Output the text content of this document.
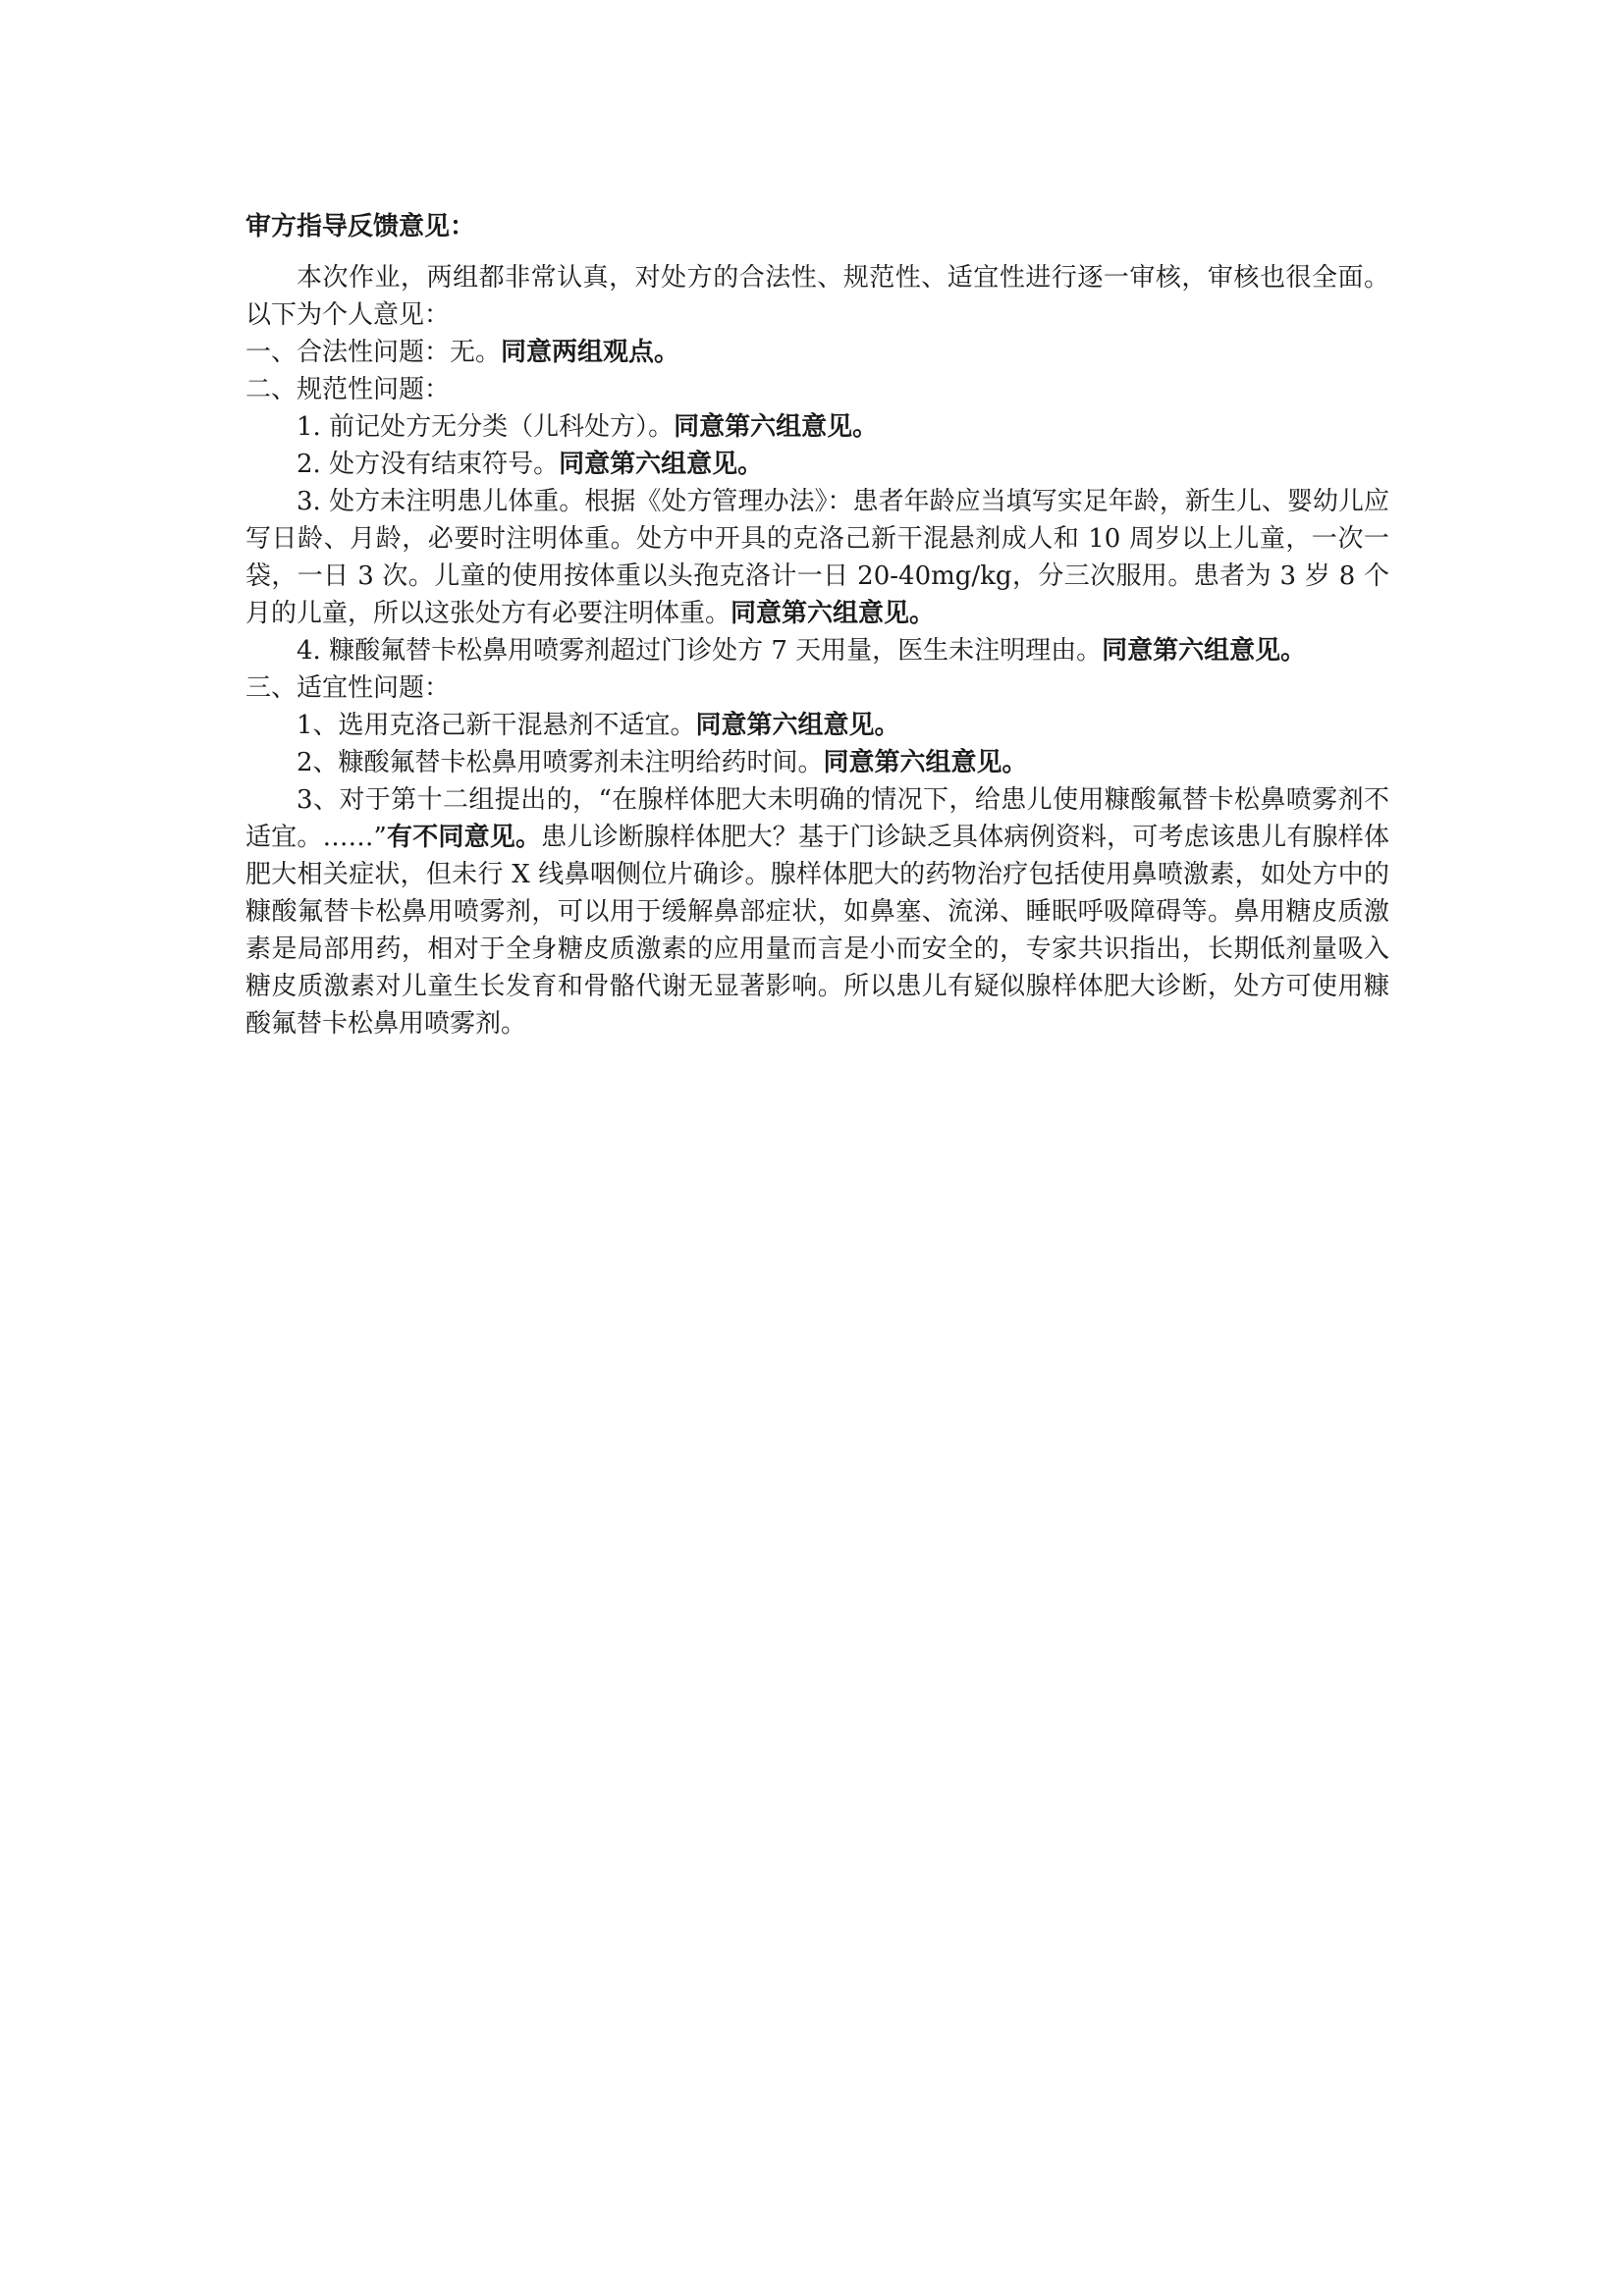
审方指导反馈意见：

本次作业，两组都非常认真，对处方的合法性、规范性、适宜性进行逐一审核，审核也很全面。以下为个人意见：

一、合法性问题：无。同意两组观点。

二、规范性问题：

1. 前记处方无分类（儿科处方）。同意第六组意见。

2. 处方没有结束符号。同意第六组意见。

3. 处方未注明患儿体重。根据《处方管理办法》：患者年龄应当填写实足年龄，新生儿、婴幼儿应写日龄、月龄，必要时注明体重。处方中开具的克洛己新干混悬剂成人和 10 周岁以上儿童，一次一袋，一日 3 次。儿童的使用按体重以头孢克洛计一日 20-40mg/kg，分三次服用。患者为 3 岁 8 个月的儿童，所以这张处方有必要注明体重。同意第六组意见。

4. 糠酸氟替卡松鼻用喷雾剂超过门诊处方 7 天用量，医生未注明理由。同意第六组意见。

三、适宜性问题：

1、选用克洛己新干混悬剂不适宜。同意第六组意见。

2、糠酸氟替卡松鼻用喷雾剂未注明给药时间。同意第六组意见。

3、对于第十二组提出的，“在腺样体肥大未明确的情况下，给患儿使用糠酸氟替卡松鼻喷雾剂不适宜。……”有不同意见。患儿诊断腺样体肥大？基于门诊缺乏具体病例资料，可考虑该患儿有腺样体肥大相关症状，但未行 X 线鼻咽侧位片确诊。腺样体肥大的药物治疗包括使用鼻喷激素，如处方中的糠酸氟替卡松鼻用喷雾剂，可以用于缓解鼻部症状，如鼻塞、流涕、睡眠呼吸障碍等。鼻用糖皮质激素是局部用药，相对于全身糖皮质激素的应用量而言是小而安全的，专家共识指出，长期低剂量吸入糖皮质激素对儿童生长发育和骨骼代谢无显著影响。所以患儿有疑似腺样体肥大诊断，处方可使用糠酸氟替卡松鼻用喷雾剂。
